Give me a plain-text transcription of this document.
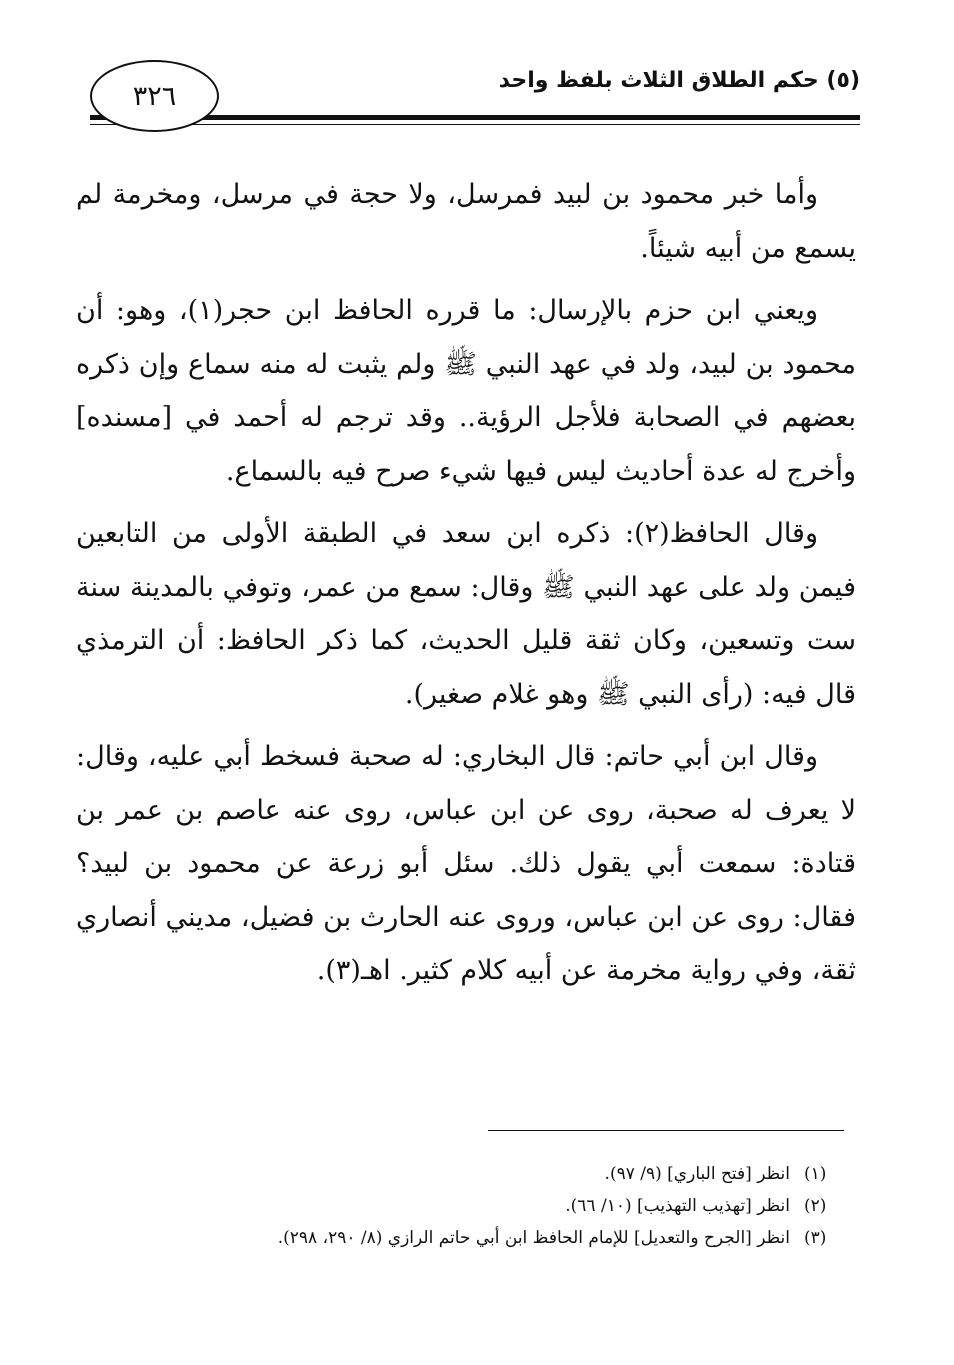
(٥) حكم الطلاق الثلاث بلفظ واحد
٣٢٦

وأما خبر محمود بن لبيد فمرسل، ولا حجة في مرسل، ومخرمة لم يسمع من أبيه شيئاً.

ويعني ابن حزم بالإرسال: ما قرره الحافظ ابن حجر(١)، وهو: أن محمود بن لبيد، ولد في عهد النبي ﷺ ولم يثبت له منه سماع وإن ذكره بعضهم في الصحابة فلأجل الرؤية.. وقد ترجم له أحمد في [مسنده] وأخرج له عدة أحاديث ليس فيها شيء صرح فيه بالسماع.

وقال الحافظ(٢): ذكره ابن سعد في الطبقة الأولى من التابعين فيمن ولد على عهد النبي ﷺ وقال: سمع من عمر، وتوفي بالمدينة سنة ست وتسعين، وكان ثقة قليل الحديث، كما ذكر الحافظ: أن الترمذي قال فيه: (رأى النبي ﷺ وهو غلام صغير).

وقال ابن أبي حاتم: قال البخاري: له صحبة فسخط أبي عليه، وقال: لا يعرف له صحبة، روى عن ابن عباس، روى عنه عاصم بن عمر بن قتادة: سمعت أبي يقول ذلك. سئل أبو زرعة عن محمود بن لبيد؟ فقال: روى عن ابن عباس، وروى عنه الحارث بن فضيل، مديني أنصاري ثقة، وفي رواية مخرمة عن أبيه كلام كثير. اهـ(٣).

(١)
انظر [فتح الباري] (٩/ ٩٧).
(٢)
انظر [تهذيب التهذيب] (١٠/ ٦٦).
(٣)
انظر [الجرح والتعديل] للإمام الحافظ ابن أبي حاتم الرازي (٨/ ٢٩٠، ٢٩٨).
